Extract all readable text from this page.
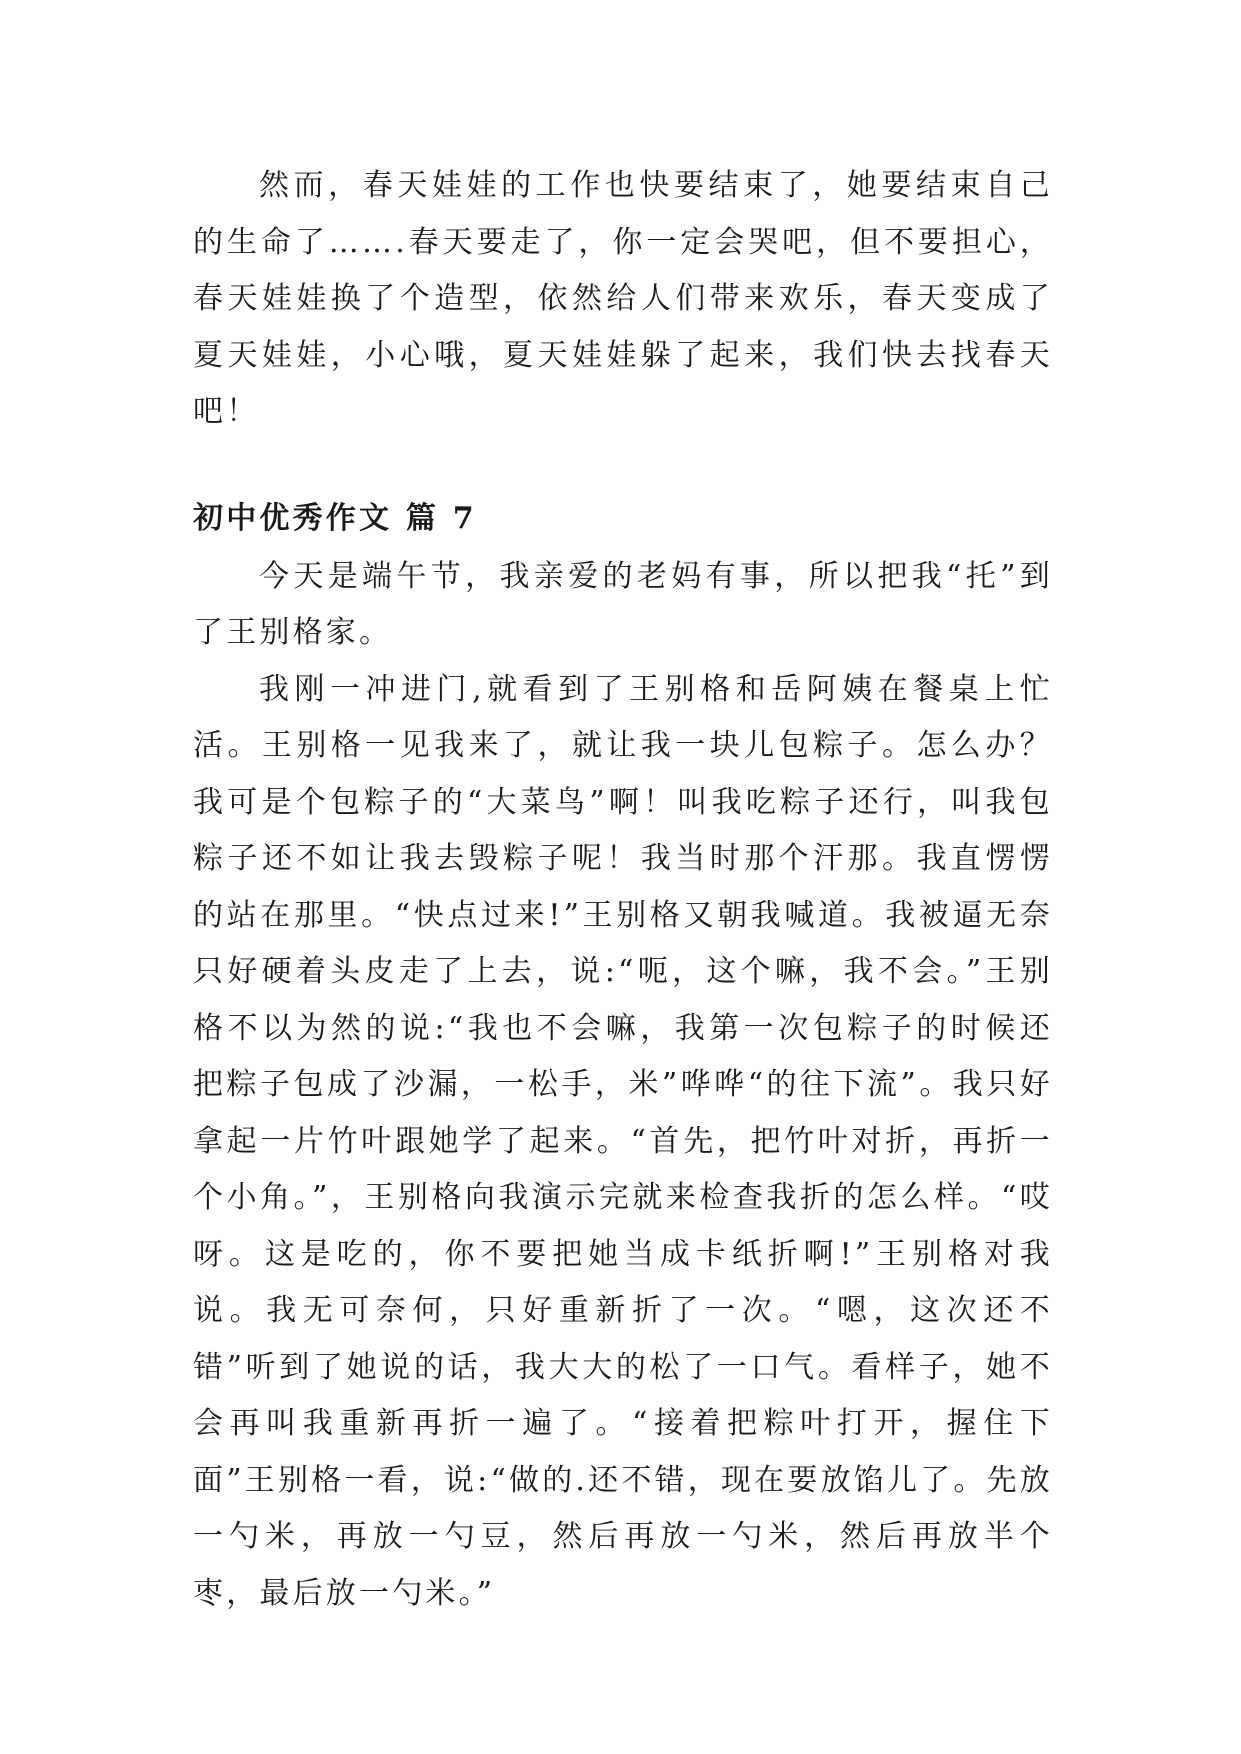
然而，春天娃娃的工作也快要结束了，她要结束自己的生命了…….春天要走了，你一定会哭吧，但不要担心，春天娃娃换了个造型，依然给人们带来欢乐，春天变成了夏天娃娃，小心哦，夏天娃娃躲了起来，我们快去找春天吧！

初中优秀作文 篇 7

今天是端午节，我亲爱的老妈有事，所以把我“托”到了王别格家。

我刚一冲进门,就看到了王别格和岳阿姨在餐桌上忙活。王别格一见我来了，就让我一块儿包粽子。怎么办？我可是个包粽子的“大菜鸟”啊！叫我吃粽子还行，叫我包粽子还不如让我去毁粽子呢！我当时那个汗那。我直愣愣的站在那里。“快点过来!”王别格又朝我喊道。我被逼无奈只好硬着头皮走了上去，说:“呃，这个嘛，我不会。”王别格不以为然的说:“我也不会嘛，我第一次包粽子的时候还把粽子包成了沙漏，一松手，米”哗哗“的往下流”。我只好拿起一片竹叶跟她学了起来。“首先，把竹叶对折，再折一个小角。”，王别格向我演示完就来检查我折的怎么样。“哎呀。这是吃的，你不要把她当成卡纸折啊!”王别格对我说。我无可奈何，只好重新折了一次。“嗯，这次还不错”听到了她说的话，我大大的松了一口气。看样子，她不会再叫我重新再折一遍了。“接着把粽叶打开，握住下面”王别格一看，说:“做的.还不错，现在要放馅儿了。先放一勺米，再放一勺豆，然后再放一勺米，然后再放半个枣，最后放一勺米。”
